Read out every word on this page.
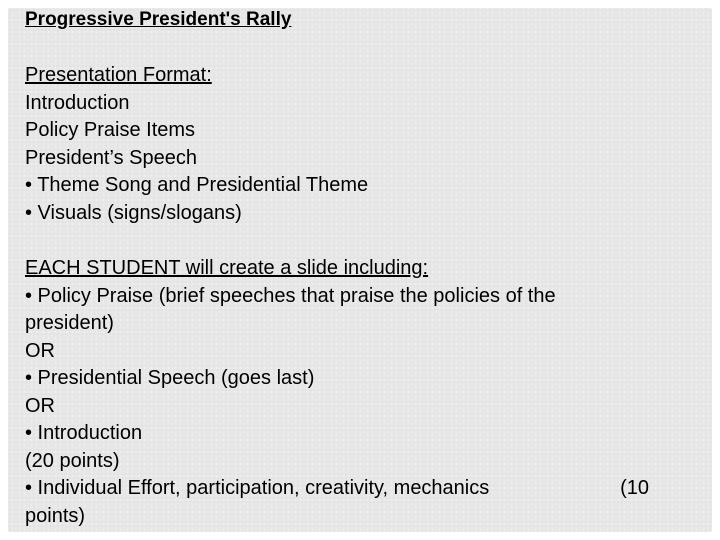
Progressive President's Rally
Presentation Format:
Introduction
Policy Praise Items
President’s Speech
• Theme Song and Presidential Theme
• Visuals (signs/slogans)
EACH STUDENT will create a slide including:
• Policy Praise (brief speeches that praise the policies of the
president)
OR
• Presidential Speech (goes last)
OR
• Introduction
(20 points)
• Individual Effort, participation, creativity, mechanics	(10
points)
